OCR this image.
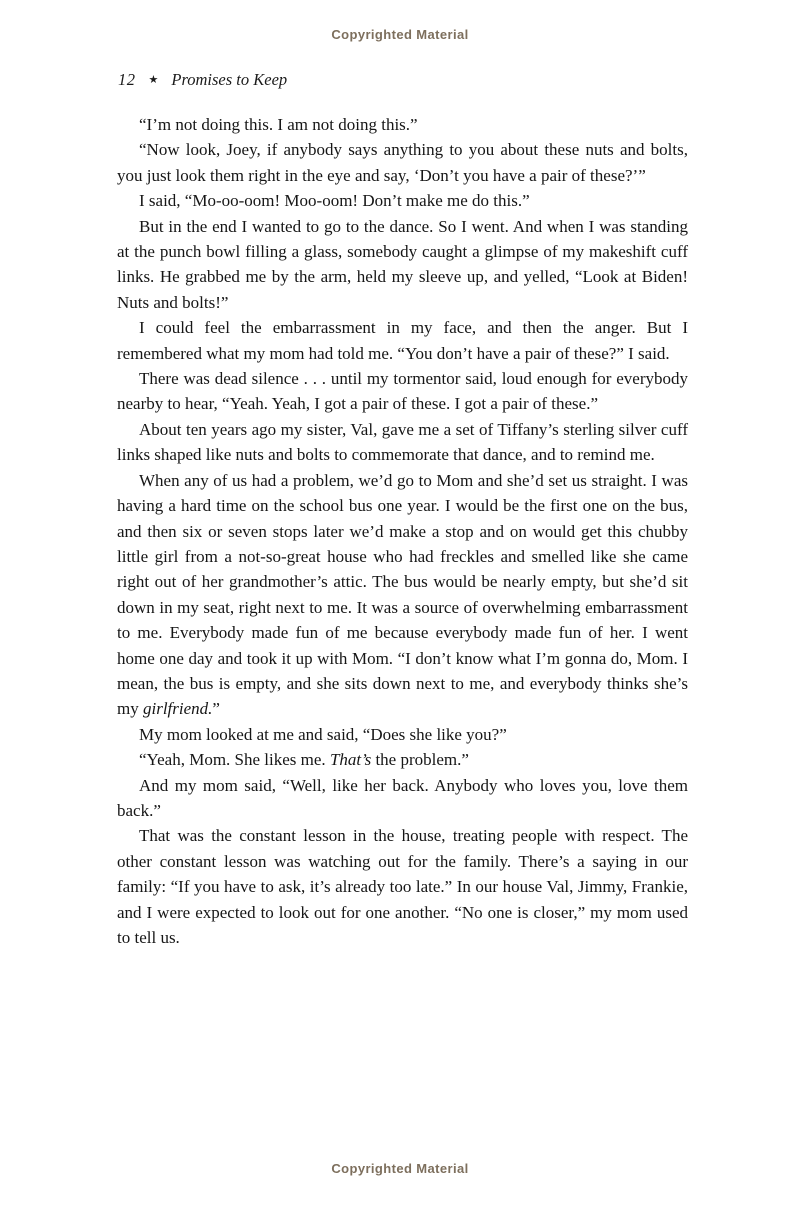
Copyrighted Material
12 ★ Promises to Keep

“I’m not doing this. I am not doing this.”

“Now look, Joey, if anybody says anything to you about these nuts and bolts, you just look them right in the eye and say, ‘Don’t you have a pair of these?’”

I said, “Mo-oo-oom! Moo-oom! Don’t make me do this.”

But in the end I wanted to go to the dance. So I went. And when I was standing at the punch bowl filling a glass, somebody caught a glimpse of my makeshift cuff links. He grabbed me by the arm, held my sleeve up, and yelled, “Look at Biden! Nuts and bolts!”

I could feel the embarrassment in my face, and then the anger. But I remembered what my mom had told me. “You don’t have a pair of these?” I said.

There was dead silence . . . until my tormentor said, loud enough for everybody nearby to hear, “Yeah. Yeah, I got a pair of these. I got a pair of these.”

About ten years ago my sister, Val, gave me a set of Tiffany’s sterling silver cuff links shaped like nuts and bolts to commemorate that dance, and to remind me.

When any of us had a problem, we’d go to Mom and she’d set us straight. I was having a hard time on the school bus one year. I would be the first one on the bus, and then six or seven stops later we’d make a stop and on would get this chubby little girl from a not-so-great house who had freckles and smelled like she came right out of her grandmother’s attic. The bus would be nearly empty, but she’d sit down in my seat, right next to me. It was a source of overwhelming embarrassment to me. Everybody made fun of me because everybody made fun of her. I went home one day and took it up with Mom. “I don’t know what I’m gonna do, Mom. I mean, the bus is empty, and she sits down next to me, and everybody thinks she’s my girlfriend.”

My mom looked at me and said, “Does she like you?”

“Yeah, Mom. She likes me. That’s the problem.”

And my mom said, “Well, like her back. Anybody who loves you, love them back.”

That was the constant lesson in the house, treating people with respect. The other constant lesson was watching out for the family. There’s a saying in our family: “If you have to ask, it’s already too late.” In our house Val, Jimmy, Frankie, and I were expected to look out for one another. “No one is closer,” my mom used to tell us.

Copyrighted Material
